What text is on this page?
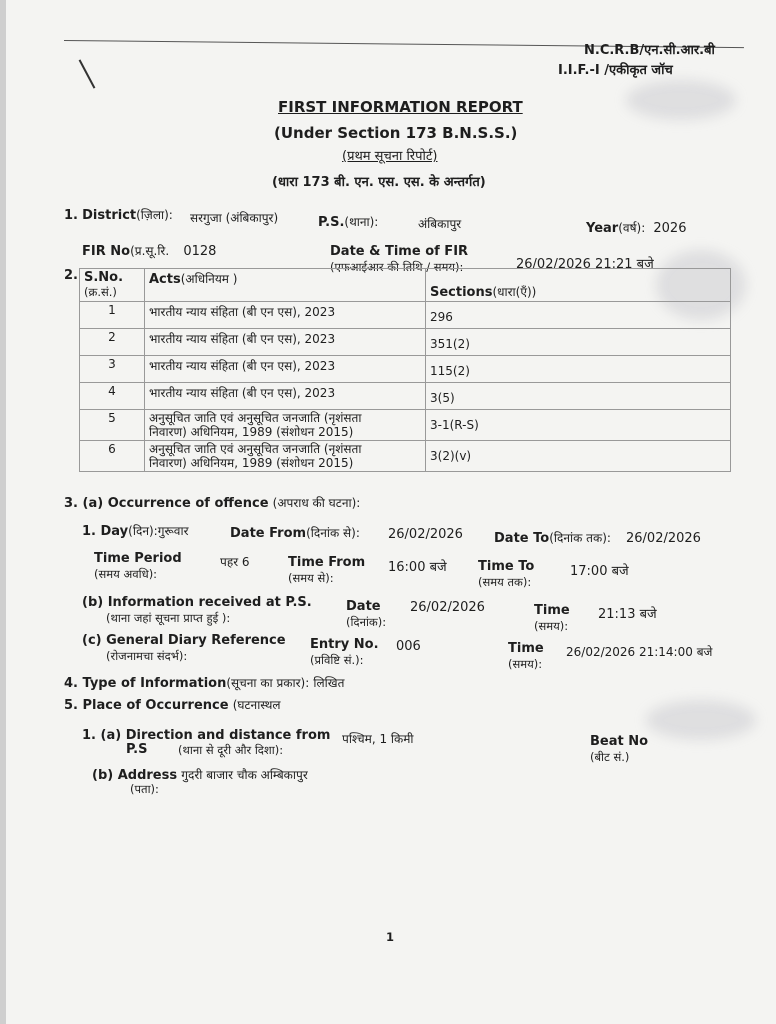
N.C.R.B/एन.सी.आर.बी
I.I.F.-I /एकीकृत जॉच
FIRST INFORMATION REPORT
(Under Section 173 B.N.S.S.)
(प्रथम सूचना रिपोर्ट)
(धारा 173 बी. एन. एस. एस. के अन्तर्गत)
1. District(ज़िला): सरगुजा (अंबिकापुर)	P.S.(थाना):	अंबिकापुर	Year(वर्ष): 2026
FIR No(प्र.सू.रि. 0128	Date & Time of FIR
(एफआईआर की तिथि / समय):	26/02/2026 21:21 बजे
2. S.No.
(क्र.सं.)	Acts(अधिनियम )	Sections(धारा(एँ))
1	भारतीय न्याय संहिता (बी एन एस), 2023	296
2	भारतीय न्याय संहिता (बी एन एस), 2023	351(2)
3	भारतीय न्याय संहिता (बी एन एस), 2023	115(2)
4	भारतीय न्याय संहिता (बी एन एस), 2023	3(5)
5	अनुसूचित जाति एवं अनुसूचित जनजाति (नृशंसता
निवारण) अधिनियम, 1989 (संशोधन 2015)	3-1(R-S)
6	अनुसूचित जाति एवं अनुसूचित जनजाति (नृशंसता
निवारण) अधिनियम, 1989 (संशोधन 2015)	3(2)(v)
3. (a) Occurrence of offence (अपराध की घटना):
1. Day(दिन):गुरूवार	Date From(दिनांक से): 26/02/2026 Date To(दिनांक तक): 26/02/2026
Time Period
(समय अवधि):
पहर 6	Time From
(समय से):
16:00 बजे Time To
(समय तक):
17:00 बजे
(b) Information received at P.S.
(थाना जहां सूचना प्राप्त हुई ):
Date
(दिनांक):
26/02/2026	Time
(समय):
21:13 बजे
(c) General Diary Reference
(रोजनामचा संदर्भ):
Entry No.
(प्रविष्टि सं.):
006	Time
(समय):
26/02/2026 21:14:00 बजे
4. Type of Information(सूचना का प्रकार): लिखित
5. Place of Occurrence (घटनास्थल
1. (a) Direction and distance from
P.S	(थाना से दूरी और दिशा):
पश्चिम, 1 किमी	Beat No
(बीट सं.)
(b) Address गुदरी बाजार चौक अम्बिकापुर
(पता):
1
